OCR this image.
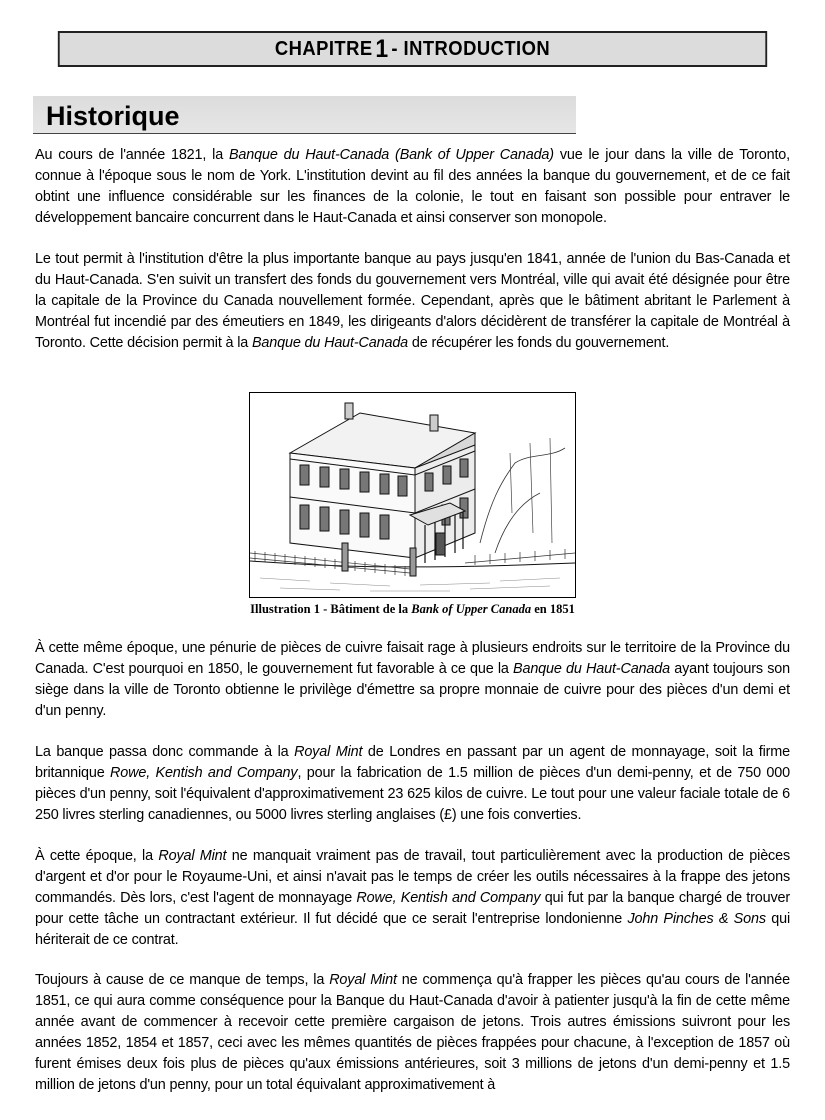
CHAPITRE 1 - INTRODUCTION
Historique

Au cours de l'année 1821, la Banque du Haut-Canada (Bank of Upper Canada) vue le jour dans la ville de Toronto, connue à l'époque sous le nom de York. L'institution devint au fil des années la banque du gouvernement, et de ce fait obtint une influence considérable sur les finances de la colonie, le tout en faisant son possible pour entraver le développement bancaire concurrent dans le Haut-Canada et ainsi conserver son monopole.

Le tout permit à l'institution d'être la plus importante banque au pays jusqu'en 1841, année de l'union du Bas-Canada et du Haut-Canada. S'en suivit un transfert des fonds du gouvernement vers Montréal, ville qui avait été désignée pour être la capitale de la Province du Canada nouvellement formée. Cependant, après que le bâtiment abritant le Parlement à Montréal fut incendié par des émeutiers en 1849, les dirigeants d'alors décidèrent de transférer la capitale de Montréal à Toronto. Cette décision permit à la Banque du Haut-Canada de récupérer les fonds du gouvernement.

Illustration 1 - Bâtiment de la Bank of Upper Canada en 1851

À cette même époque, une pénurie de pièces de cuivre faisait rage à plusieurs endroits sur le territoire de la Province du Canada. C'est pourquoi en 1850, le gouvernement fut favorable à ce que la Banque du Haut-Canada ayant toujours son siège dans la ville de Toronto obtienne le privilège d'émettre sa propre monnaie de cuivre pour des pièces d'un demi et d'un penny.

La banque passa donc commande à la Royal Mint de Londres en passant par un agent de monnayage, soit la firme britannique Rowe, Kentish and Company, pour la fabrication de 1.5 million de pièces d'un demi-penny, et de 750 000 pièces d'un penny, soit l'équivalent d'approximativement 23 625 kilos de cuivre. Le tout pour une valeur faciale totale de 6 250 livres sterling canadiennes, ou 5000 livres sterling anglaises (£) une fois converties.

À cette époque, la Royal Mint ne manquait vraiment pas de travail, tout particulièrement avec la production de pièces d'argent et d'or pour le Royaume-Uni, et ainsi n'avait pas le temps de créer les outils nécessaires à la frappe des jetons commandés. Dès lors, c'est l'agent de monnayage Rowe, Kentish and Company qui fut par la banque chargé de trouver pour cette tâche un contractant extérieur. Il fut décidé que ce serait l'entreprise londonienne John Pinches & Sons qui hériterait de ce contrat.

Toujours à cause de ce manque de temps, la Royal Mint ne commença qu'à frapper les pièces qu'au cours de l'année 1851, ce qui aura comme conséquence pour la Banque du Haut-Canada d'avoir à patienter jusqu'à la fin de cette même année avant de commencer à recevoir cette première cargaison de jetons. Trois autres émissions suivront pour les années 1852, 1854 et 1857, ceci avec les mêmes quantités de pièces frappées pour chacune, à l'exception de 1857 où furent émises deux fois plus de pièces qu'aux émissions antérieures, soit 3 millions de jetons d'un demi-penny et 1.5 million de jetons d'un penny, pour un total équivalant approximativement à
